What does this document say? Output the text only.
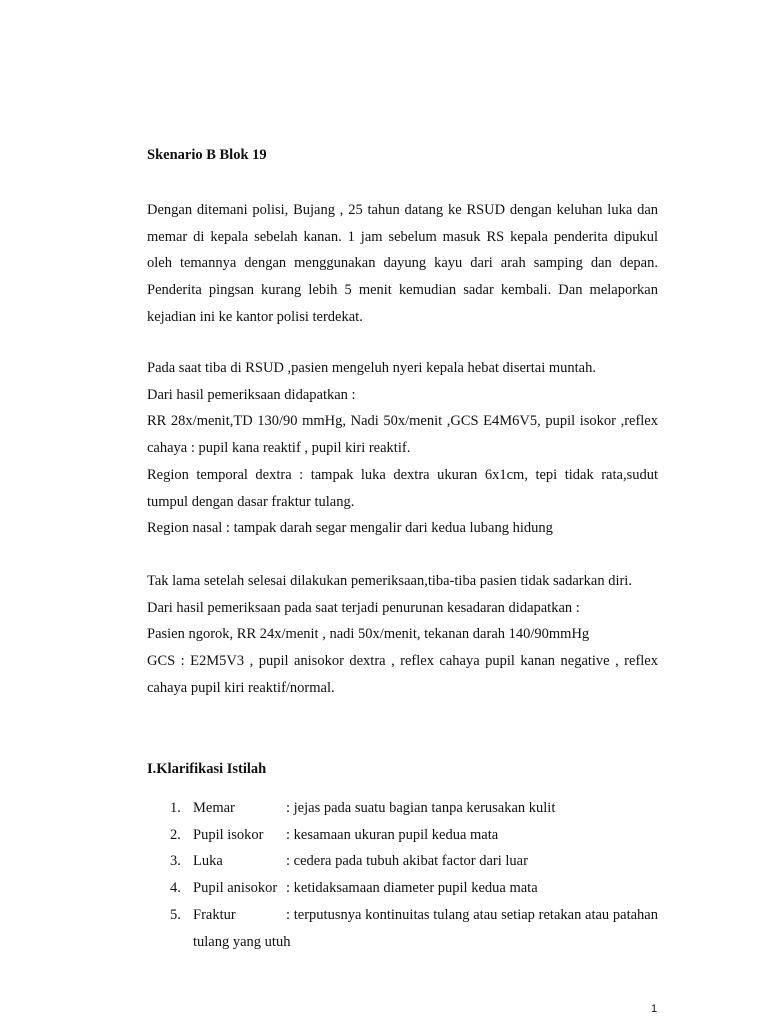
Skenario B Blok 19

Dengan ditemani polisi, Bujang , 25 tahun datang ke RSUD dengan keluhan luka dan memar di kepala sebelah kanan. 1 jam sebelum masuk RS kepala penderita dipukul oleh temannya dengan menggunakan dayung kayu dari arah samping dan depan. Penderita pingsan kurang lebih 5 menit kemudian sadar kembali. Dan melaporkan kejadian ini ke kantor polisi terdekat.

Pada saat tiba di RSUD ,pasien mengeluh nyeri kepala hebat disertai muntah.

Dari hasil pemeriksaan didapatkan :

RR 28x/menit,TD 130/90 mmHg, Nadi 50x/menit ,GCS E4M6V5, pupil isokor ,reflex cahaya : pupil kana reaktif , pupil kiri reaktif.

Region temporal dextra : tampak luka dextra ukuran 6x1cm, tepi tidak rata,sudut tumpul dengan dasar fraktur tulang.

Region nasal : tampak darah segar mengalir dari kedua lubang hidung

Tak lama setelah selesai dilakukan pemeriksaan,tiba-tiba pasien tidak sadarkan diri.

Dari hasil pemeriksaan pada saat terjadi penurunan kesadaran didapatkan :

Pasien ngorok, RR 24x/menit , nadi 50x/menit, tekanan darah 140/90mmHg

GCS : E2M5V3 , pupil anisokor dextra , reflex cahaya pupil kanan negative , reflex cahaya pupil kiri reaktif/normal.

I.Klarifikasi Istilah
1. Memar	: jejas pada suatu bagian tanpa kerusakan kulit
2. Pupil isokor : kesamaan ukuran pupil kedua mata
3. Luka	: cedera pada tubuh akibat factor dari luar
4. Pupil anisokor : ketidaksamaan diameter pupil kedua mata
5. Fraktur	: terputusnya kontinuitas tulang atau setiap retakan atau patahan tulang yang utuh
1
